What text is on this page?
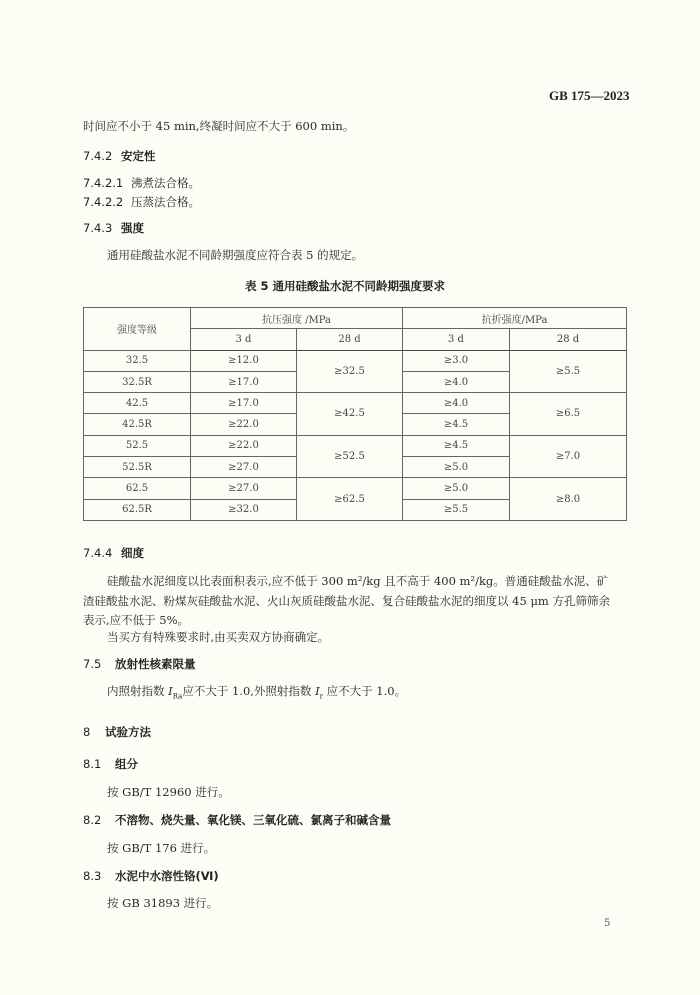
GB 175—2023
时间应不小于 45 min,终凝时间应不大于 600 min。
7.4.2 安定性
7.4.2.1 沸煮法合格。
7.4.2.2 压蒸法合格。
7.4.3 强度
通用硅酸盐水泥不同龄期强度应符合表 5 的规定。
表 5 通用硅酸盐水泥不同龄期强度要求
强度等级	抗压强度 /MPa		抗折强度/MPa	
	3 d	28 d	3 d	28 d
32.5	≥12.0	≥32.5	≥3.0	≥5.5
32.5R	≥17.0		≥4.0	
42.5	≥17.0	≥42.5	≥4.0	≥6.5
42.5R	≥22.0		≥4.5	
52.5	≥22.0	≥52.5	≥4.5	≥7.0
52.5R	≥27.0		≥5.0	
62.5	≥27.0	≥62.5	≥5.0	≥8.0
62.5R	≥32.0		≥5.5	
7.4.4 细度
硅酸盐水泥细度以比表面积表示,应不低于 300 m²/kg 且不高于 400 m²/kg。普通硅酸盐水泥、矿
渣硅酸盐水泥、粉煤灰硅酸盐水泥、火山灰质硅酸盐水泥、复合硅酸盐水泥的细度以 45 μm 方孔筛筛余
表示,应不低于 5%。
当买方有特殊要求时,由买卖双方协商确定。
7.5 放射性核素限量
内照射指数 $I_{Ra}$应不大于 1.0,外照射指数 $I_r$ 应不大于 1.0。
8 试验方法
8.1 组分
按 GB/T 12960 进行。
8.2 不溶物、烧失量、氧化镁、三氧化硫、氯离子和碱含量
按 GB/T 176 进行。
8.3 水泥中水溶性铬(Ⅵ)
按 GB 31893 进行。
5
